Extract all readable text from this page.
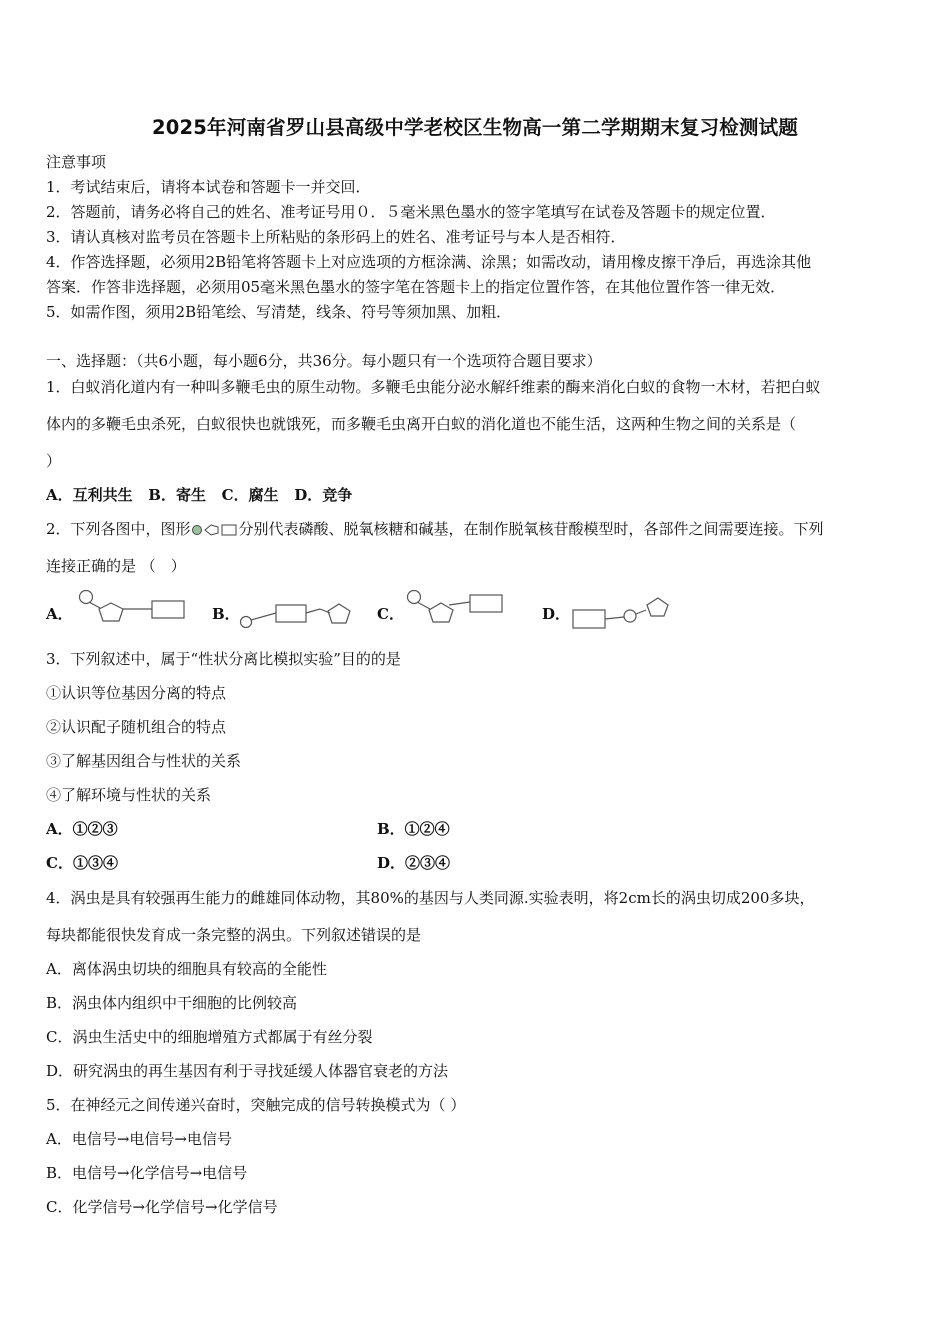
2025年河南省罗山县高级中学老校区生物高一第二学期期末复习检测试题
注意事项
1．考试结束后，请将本试卷和答题卡一并交回．
2．答题前，请务必将自己的姓名、准考证号用０．５毫米黑色墨水的签字笔填写在试卷及答题卡的规定位置．
3．请认真核对监考员在答题卡上所粘贴的条形码上的姓名、准考证号与本人是否相符．
4．作答选择题，必须用2B铅笔将答题卡上对应选项的方框涂满、涂黑；如需改动，请用橡皮擦干净后，再选涂其他
答案．作答非选择题，必须用05毫米黑色墨水的签字笔在答题卡上的指定位置作答，在其他位置作答一律无效．
5．如需作图，须用2B铅笔绘、写清楚，线条、符号等须加黑、加粗．
一、选择题：（共6小题，每小题6分，共36分。每小题只有一个选项符合题目要求）
1．白蚁消化道内有一种叫多鞭毛虫的原生动物。多鞭毛虫能分泌水解纤维素的酶来消化白蚁的食物一木材，若把白蚁
体内的多鞭毛虫杀死，白蚁很快也就饿死，而多鞭毛虫离开白蚁的消化道也不能生活，这两种生物之间的关系是（
）
A．互利共生   B．寄生   C．腐生   D．竞争
2．下列各图中，图形	分别代表磷酸、脱氧核糖和碱基，在制作脱氧核苷酸模型时，各部件之间需要连接。下列
连接正确的是 （　）
A．	B．	C．	D．
3．下列叙述中，属于“性状分离比模拟实验”目的的是
①认识等位基因分离的特点
②认识配子随机组合的特点
③了解基因组合与性状的关系
④了解环境与性状的关系
A．①②③	B．①②④
C．①③④	D．②③④
4．涡虫是具有较强再生能力的雌雄同体动物，其80%的基因与人类同源.实验表明，将2cm长的涡虫切成200多块，
每块都能很快发育成一条完整的涡虫。下列叙述错误的是
A．离体涡虫切块的细胞具有较高的全能性
B．涡虫体内组织中干细胞的比例较高
C．涡虫生活史中的细胞增殖方式都属于有丝分裂
D．研究涡虫的再生基因有利于寻找延缓人体器官衰老的方法
5．在神经元之间传递兴奋时，突触完成的信号转换模式为（ ）
A．电信号→电信号→电信号
B．电信号→化学信号→电信号
C．化学信号→化学信号→化学信号
